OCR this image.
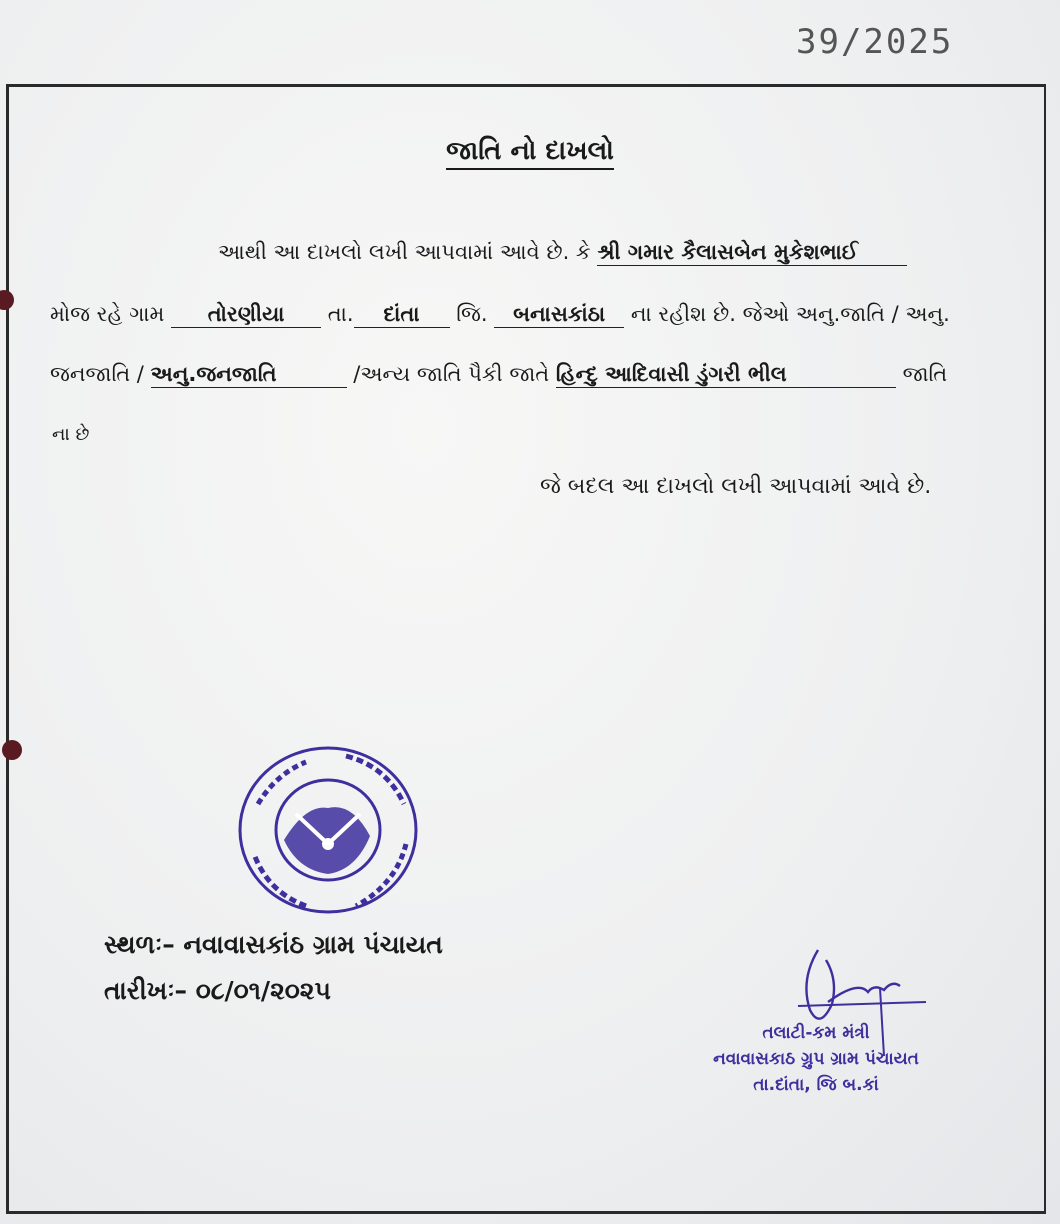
39/2025
જાતિ નો દાખલો
આથી આ દાખલો લખી આપવામાં આવે છે. કે શ્રી ગમાર કૈલાસબેન મુકેશભાઈ
મોજ રહે ગામ તોરણીયા તા. દાંતા જિ. બનાસકાંઠા ના રહીશ છે. જેઓ અનુ.જાતિ / અનુ.
જનજાતિ / અનુ.જનજાતિ	/અન્ય જાતિ પૈકી જાતે હિન્દુ આદિવાસી ડુંગરી ભીલ	જાતિ
ના છે
જે બદલ આ દાખલો લખી આપવામાં આવે છે.
સ્થળઃ– નવાવાસકાંઠ ગ્રામ પંચાયત
તારીખઃ– ૦૮/૦૧/૨૦૨૫
તલાટી-કમ મંત્રી
નવાવાસકાઠ ગ્રુપ ગ્રામ પંચાયત
તા.દાંતા, જિ બ.કાં
